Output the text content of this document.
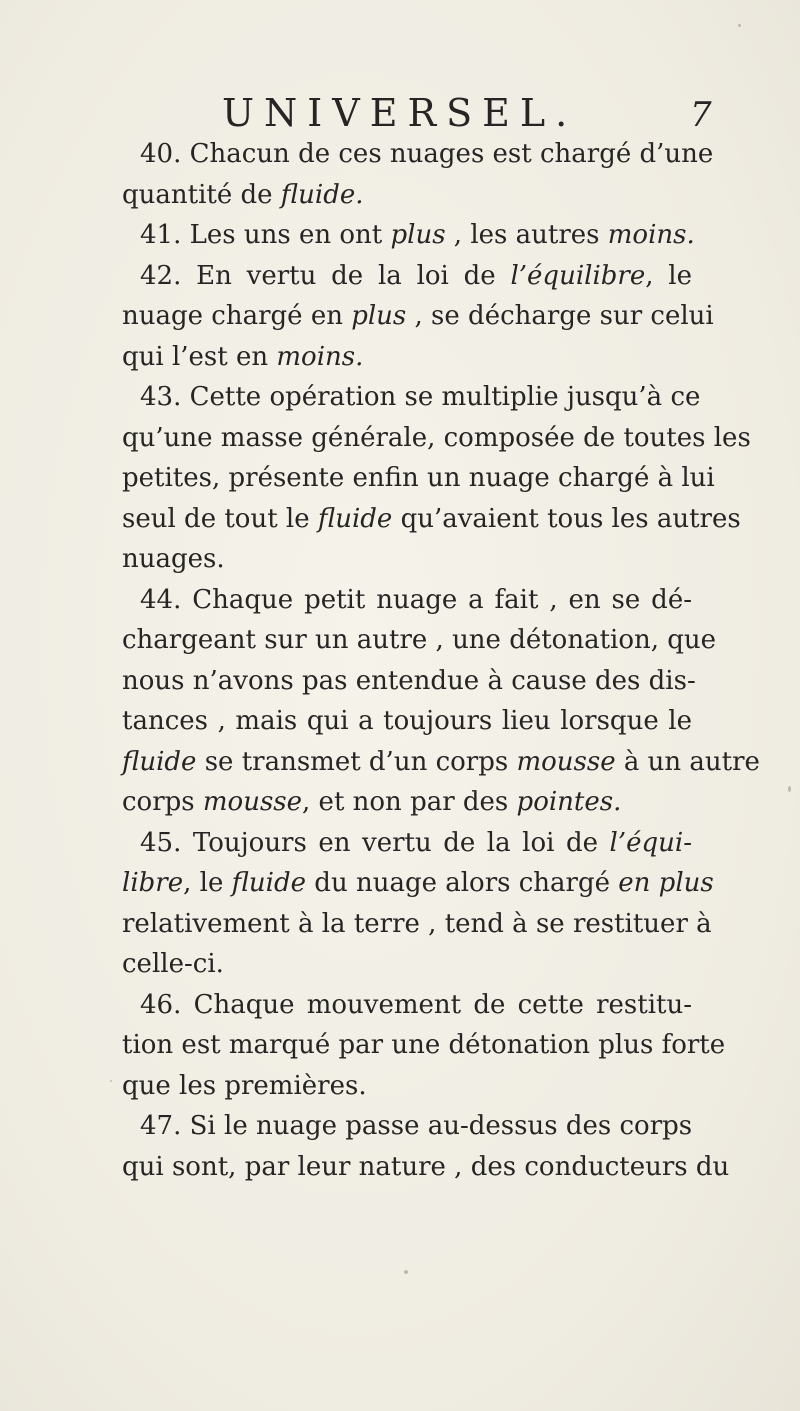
UNIVERSEL.	7
40. Chacun de ces nuages est chargé d’une
quantité de fluide.
41. Les uns en ont plus , les autres moins.
42. En vertu de la loi de l’équilibre, le
nuage chargé en plus , se décharge sur celui
qui l’est en moins.
43. Cette opération se multiplie jusqu’à ce
qu’une masse générale, composée de toutes les
petites, présente enfin un nuage chargé à lui
seul de tout le fluide qu’avaient tous les autres
nuages.
44. Chaque petit nuage a fait , en se dé-
chargeant sur un autre , une détonation, que
nous n’avons pas entendue à cause des dis-
tances , mais qui a toujours lieu lorsque le
fluide se transmet d’un corps mousse à un autre
corps mousse, et non par des pointes.
45. Toujours en vertu de la loi de l’équi-
libre, le fluide du nuage alors chargé en plus
relativement à la terre , tend à se restituer à
celle-ci.
46. Chaque mouvement de cette restitu-
tion est marqué par une détonation plus forte
que les premières.
47. Si le nuage passe au-dessus des corps
qui sont, par leur nature , des conducteurs du
